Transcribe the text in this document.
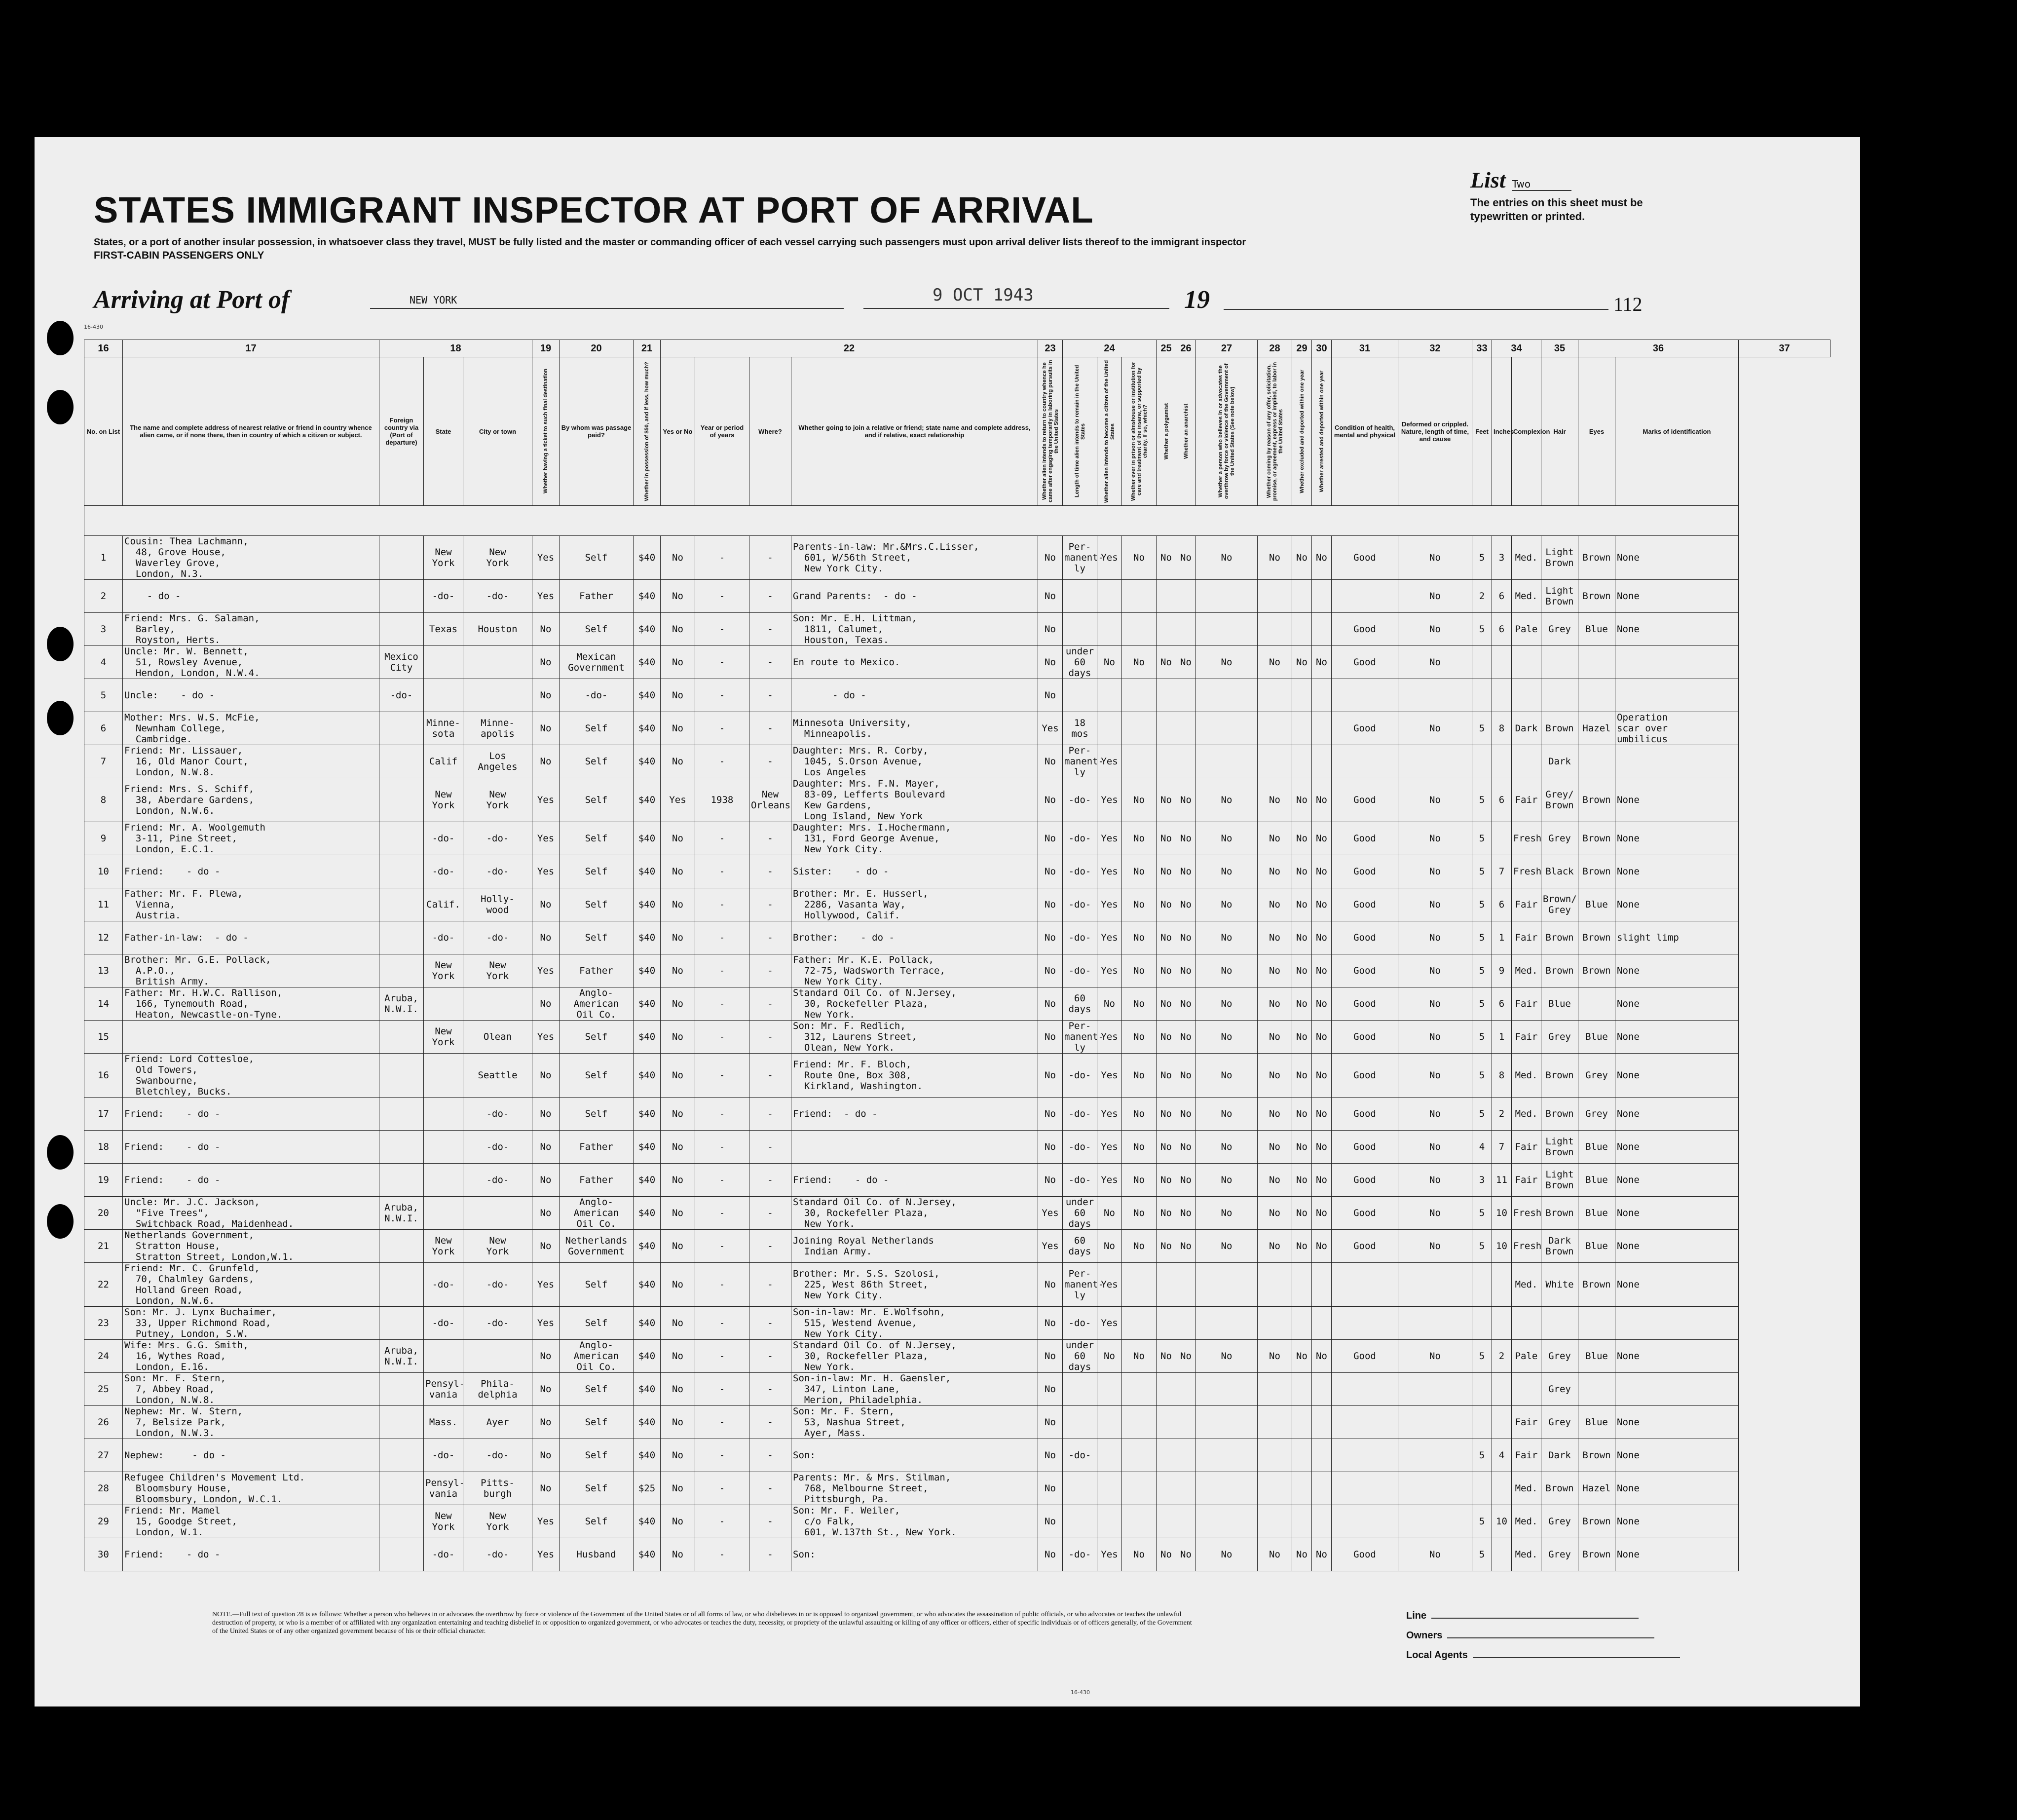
STATES IMMIGRANT INSPECTOR AT PORT OF ARRIVAL
States, or a port of another insular possession, in whatsoever class they travel, MUST be fully listed and the master or commanding officer of each vessel carrying such passengers must upon arrival deliver lists thereof to the immigrant inspector
FIRST-CABIN PASSENGERS ONLY
List Two
The entries on this sheet must be typewritten or printed.
Arriving at Port of	NEW YORK	9 OCT 1943	19	112
16-430
16	17	18			19	20	21	22				23	24			25	26	27	28	29	30	31	32	33	34		35	36		37
No. on List	The name and complete address of nearest relative or friend in country whence alien came, or if none there, then in country of which a citizen or subject.	Foreign country via (Port of departure)	State	City or town	Whether having a ticket to such final destination	By whom was passage paid?	Whether in possession of $50, and if less, how much?	Yes or No	Year or period of years	Where?	Whether going to join a relative or friend; state name and complete address, and if relative, exact relationship	Whether alien intends to return to country whence he came after engaging temporarily in laboring pursuits in the United States	Length of time alien intends to remain in the United States	Whether alien intends to become a citizen of the United States	Whether ever in prison or almshouse or institution for care and treatment of the insane, or supported by charity. If so, which?	Whether a polygamist	Whether an anarchist	Whether a person who believes in or advocates the overthrow by force or violence of the Government of the United States (See note below)	Whether coming by reason of any offer, solicitation, promise, or agreement, express or implied, to labor in the United States	Whether excluded and deported within one year	Whether arrested and deported within one year	Condition of health, mental and physical	Deformed or crippled. Nature, length of time, and cause	Feet	Inches	Complexion	Hair	Eyes	Marks of identification	

1	Cousin: Thea Lachmann,
48, Grove House,
Waverley Grove,
London, N.3.		New
York	New
York	Yes	Self	$40	No	-	-	Parents-in-law: Mr.&Mrs.C.Lisser,
601, W/56th Street,
New York City.	No	Per-
manent-
ly	Yes	No	No	No	No	No	No	No	Good	No	5	3	Med.	Light
Brown	Brown	None	
2	- do -		-do-	-do-	Yes	Father	$40	No	-	-	Grand Parents:  - do -	No											No	2	6	Med.	Light
Brown	Brown	None	
3	Friend: Mrs. G. Salaman,
Barley,
Royston, Herts.		Texas	Houston	No	Self	$40	No	-	-	Son: Mr. E.H. Littman,
1811, Calumet,
Houston, Texas.	No										Good	No	5	6	Pale	Grey	Blue	None	
4	Uncle: Mr. W. Bennett,
51, Rowsley Avenue,
Hendon, London, N.W.4.	Mexico
City			No	Mexican
Government	$40	No	-	-	En route to Mexico.	No	under
60
days	No	No	No	No	No	No	No	No	Good	No							
5	Uncle:    - do -	-do-			No	-do-	$40	No	-	-	- do -	No																		
6	Mother: Mrs. W.S. McFie,
Newnham College,
Cambridge.		Minne-
sota	Minne-
apolis	No	Self	$40	No	-	-	Minnesota University,
Minneapolis.	Yes	18
mos									Good	No	5	8	Dark	Brown	Hazel	Operation
scar over
umbilicus	
7	Friend: Mr. Lissauer,
16, Old Manor Court,
London, N.W.8.		Calif	Los
Angeles	No	Self	$40	No	-	-	Daughter: Mrs. R. Corby,
1045, S.Orson Avenue,
Los Angeles	No	Per-
manent-
ly	Yes													Dark			
8	Friend: Mrs. S. Schiff,
38, Aberdare Gardens,
London, N.W.6.		New
York	New
York	Yes	Self	$40	Yes	1938	New
Orleans	Daughter: Mrs. F.N. Mayer,
83-09, Lefferts Boulevard
Kew Gardens,
Long Island, New York	No	-do-	Yes	No	No	No	No	No	No	No	Good	No	5	6	Fair	Grey/
Brown	Brown	None	
9	Friend: Mr. A. Woolgemuth
3-11, Pine Street,
London, E.C.1.		-do-	-do-	Yes	Self	$40	No	-	-	Daughter: Mrs. I.Hochermann,
131, Ford George Avenue,
New York City.	No	-do-	Yes	No	No	No	No	No	No	No	Good	No	5		Fresh	Grey	Brown	None	
10	Friend:    - do -		-do-	-do-	Yes	Self	$40	No	-	-	Sister:    - do -	No	-do-	Yes	No	No	No	No	No	No	No	Good	No	5	7	Fresh	Black	Brown	None	
11	Father: Mr. F. Plewa,
Vienna,
Austria.		Calif.	Holly-
wood	No	Self	$40	No	-	-	Brother: Mr. E. Husserl,
2286, Vasanta Way,
Hollywood, Calif.	No	-do-	Yes	No	No	No	No	No	No	No	Good	No	5	6	Fair	Brown/
Grey	Blue	None	
12	Father-in-law:  - do -		-do-	-do-	No	Self	$40	No	-	-	Brother:    - do -	No	-do-	Yes	No	No	No	No	No	No	No	Good	No	5	1	Fair	Brown	Brown	slight limp	
13	Brother: Mr. G.E. Pollack,
A.P.O.,
British Army.		New
York	New
York	Yes	Father	$40	No	-	-	Father: Mr. K.E. Pollack,
72-75, Wadsworth Terrace,
New York City.	No	-do-	Yes	No	No	No	No	No	No	No	Good	No	5	9	Med.	Brown	Brown	None	
14	Father: Mr. H.W.C. Rallison,
166, Tynemouth Road,
Heaton, Newcastle-on-Tyne.	Aruba,
N.W.I.			No	Anglo-
American
Oil Co.	$40	No	-	-	Standard Oil Co. of N.Jersey,
30, Rockefeller Plaza,
New York.	No	60
days	No	No	No	No	No	No	No	No	Good	No	5	6	Fair	Blue		None	
15			New
York	Olean	Yes	Self	$40	No	-	-	Son: Mr. F. Redlich,
312, Laurens Street,
Olean, New York.	No	Per-
manent-
ly	Yes	No	No	No	No	No	No	No	Good	No	5	1	Fair	Grey	Blue	None	
16	Friend: Lord Cottesloe,
Old Towers,
Swanbourne,
Bletchley, Bucks.			Seattle	No	Self	$40	No	-	-	Friend: Mr. F. Bloch,
Route One, Box 308,
Kirkland, Washington.	No	-do-	Yes	No	No	No	No	No	No	No	Good	No	5	8	Med.	Brown	Grey	None	
17	Friend:    - do -			-do-	No	Self	$40	No	-	-	Friend:  - do -	No	-do-	Yes	No	No	No	No	No	No	No	Good	No	5	2	Med.	Brown	Grey	None	
18	Friend:    - do -			-do-	No	Father	$40	No	-	-		No	-do-	Yes	No	No	No	No	No	No	No	Good	No	4	7	Fair	Light
Brown	Blue	None	
19	Friend:    - do -			-do-	No	Father	$40	No	-	-	Friend:    - do -	No	-do-	Yes	No	No	No	No	No	No	No	Good	No	3	11	Fair	Light
Brown	Blue	None	
20	Uncle: Mr. J.C. Jackson,
"Five Trees",
Switchback Road, Maidenhead.	Aruba,
N.W.I.			No	Anglo-
American
Oil Co.	$40	No	-	-	Standard Oil Co. of N.Jersey,
30, Rockefeller Plaza,
New York.	Yes	under
60
days	No	No	No	No	No	No	No	No	Good	No	5	10	Fresh	Brown	Blue	None	
21	Netherlands Government,
Stratton House,
Stratton Street, London,W.1.		New
York	New
York	No	Netherlands
Government	$40	No	-	-	Joining Royal Netherlands
Indian Army.	Yes	60
days	No	No	No	No	No	No	No	No	Good	No	5	10	Fresh	Dark
Brown	Blue	None	
22	Friend: Mr. C. Grunfeld,
70, Chalmley Gardens,
Holland Green Road,
London, N.W.6.		-do-	-do-	Yes	Self	$40	No	-	-	Brother: Mr. S.S. Szolosi,
225, West 86th Street,
New York City.	No	Per-
manent-
ly	Yes												Med.	White	Brown	None	
23	Son: Mr. J. Lynx Buchaimer,
33, Upper Richmond Road,
Putney, London, S.W.		-do-	-do-	Yes	Self	$40	No	-	-	Son-in-law: Mr. E.Wolfsohn,
515, Westend Avenue,
New York City.	No	-do-	Yes																
24	Wife: Mrs. G.G. Smith,
16, Wythes Road,
London, E.16.	Aruba,
N.W.I.			No	Anglo-
American
Oil Co.	$40	No	-	-	Standard Oil Co. of N.Jersey,
30, Rockefeller Plaza,
New York.	No	under
60
days	No	No	No	No	No	No	No	No	Good	No	5	2	Pale	Grey	Blue	None	
25	Son: Mr. F. Stern,
7, Abbey Road,
London, N.W.8.		Pensyl-
vania	Phila-
delphia	No	Self	$40	No	-	-	Son-in-law: Mr. H. Gaensler,
347, Linton Lane,
Merion, Philadelphia.	No															Grey			
26	Nephew: Mr. W. Stern,
7, Belsize Park,
London, N.W.3.		Mass.	Ayer	No	Self	$40	No	-	-	Son: Mr. F. Stern,
53, Nashua Street,
Ayer, Mass.	No														Fair	Grey	Blue	None	
27	Nephew:     - do -		-do-	-do-	No	Self	$40	No	-	-	Son:	No	-do-											5	4	Fair	Dark	Brown	None	
28	Refugee Children's Movement Ltd.
Bloomsbury House,
Bloomsbury, London, W.C.1.		Pensyl-
vania	Pitts-
burgh	No	Self	$25	No	-	-	Parents: Mr. & Mrs. Stilman,
768, Melbourne Street,
Pittsburgh, Pa.	No														Med.	Brown	Hazel	None	
29	Friend: Mr. Mamel
15, Goodge Street,
London, W.1.		New
York	New
York	Yes	Self	$40	No	-	-	Son: Mr. F. Weiler,
c/o Falk,
601, W.137th St., New York.	No												5	10	Med.	Grey	Brown	None	
30	Friend:    - do -		-do-	-do-	Yes	Husband	$40	No	-	-	Son:	No	-do-	Yes	No	No	No	No	No	No	No	Good	No	5		Med.	Grey	Brown	None	
NOTE.—Full text of question 28 is as follows: Whether a person who believes in or advocates the overthrow by force or violence of the Government of the United States or of all forms of law, or who disbelieves in or is opposed to organized government, or who advocates the assassination of public officials, or who advocates or teaches the unlawful destruction of property, or who is a member of or affiliated with any organization entertaining and teaching disbelief in or opposition to organized government, or who advocates or teaches the duty, necessity, or propriety of the unlawful assaulting or killing of any officer or officers, either of specific individuals or of officers generally, of the Government of the United States or of any other organized government because of his or their official character.
Line
Owners
Local Agents
16-430
